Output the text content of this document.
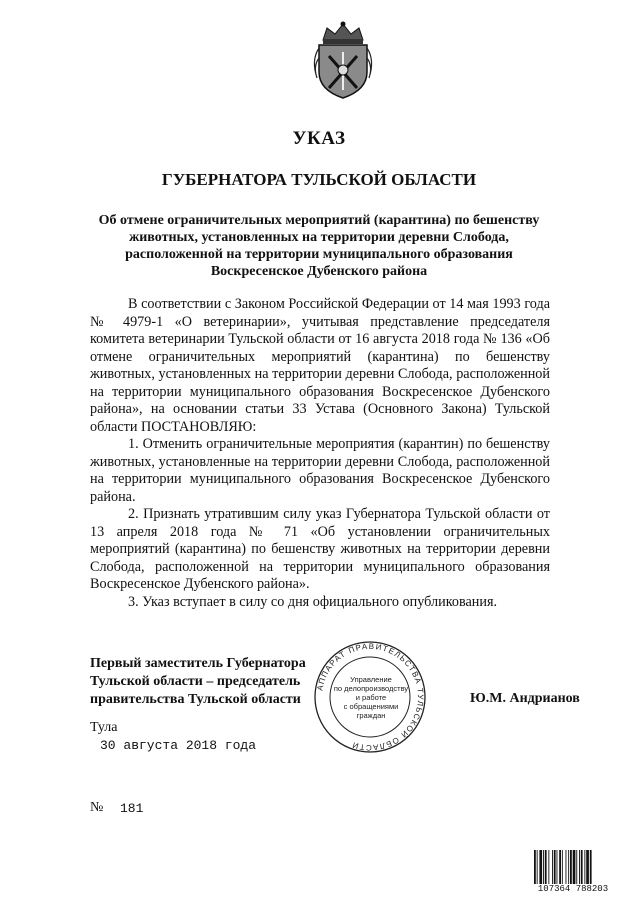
УКАЗ
ГУБЕРНАТОРА ТУЛЬСКОЙ ОБЛАСТИ
Об отмене ограничительных мероприятий (карантина) по бешенству животных, установленных на территории деревни Слобода, расположенной на территории муниципального образования Воскресенское Дубенского района

В соответствии с Законом Российской Федерации от 14 мая 1993 года № 4979-1 «О ветеринарии», учитывая представление председателя комитета ветеринарии Тульской области от 16 августа 2018 года № 136 «Об отмене ограничительных мероприятий (карантина) по бешенству животных, установленных на территории деревни Слобода, расположенной на территории муниципального образования Воскресенское Дубенского района», на основании статьи 33 Устава (Основного Закона) Тульской области ПОСТАНОВЛЯЮ:

1. Отменить ограничительные мероприятия (карантин) по бешенству животных, установленные на территории деревни Слобода, расположенной на территории муниципального образования Воскресенское Дубенского района.

2. Признать утратившим силу указ Губернатора Тульской области от 13 апреля 2018 года № 71 «Об установлении ограничительных мероприятий (карантина) по бешенству животных на территории деревни Слобода, расположенной на территории муниципального образования Воскресенское Дубенского района».

3. Указ вступает в силу со дня официального опубликования.

АППАРАТ ПРАВИТЕЛЬСТВА ТУЛЬСКОЙ ОБЛАСТИ
Управление
по делопроизводству
и работе
с обращениями
граждан
Первый заместитель Губернатора
Тульской области – председатель
правительства Тульской области	Ю.М. Андрианов
Тула
30 августа 2018 года
№ 181
107364 788203
